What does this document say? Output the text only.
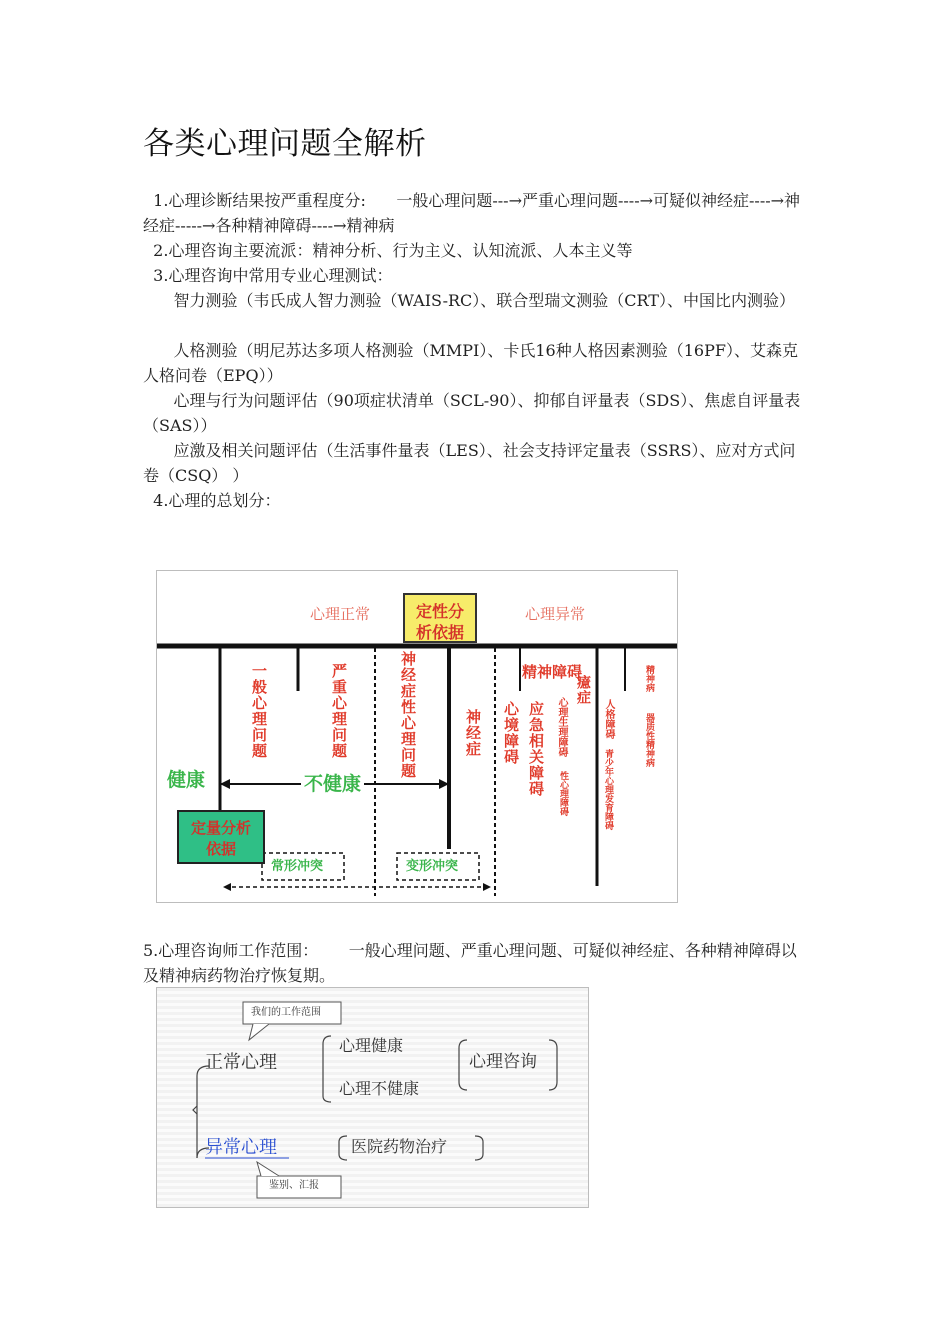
各类心理问题全解析
1.心理诊断结果按严重程度分:      一般心理问题---→严重心理问题----→可疑似神经症----→神经症-----→各种精神障碍----→精神病
2.心理咨询主要流派：精神分析、行为主义、认知流派、人本主义等
3.心理咨询中常用专业心理测试：
智力测验（韦氏成人智力测验（WAIS-RC）、联合型瑞文测验（CRT）、中国比内测验）
人格测验（明尼苏达多项人格测验（MMPI）、卡氏16种人格因素测验（16PF）、艾森克人格问卷（EPQ））
心理与行为问题评估（90项症状清单（SCL-90）、抑郁自评量表（SDS）、焦虑自评量表（SAS））
应激及相关问题评估（生活事件量表（LES）、社会支持评定量表（SSRS）、应对方式问卷（CSQ） ）
4.心理的总划分：
心理正常	心理异常
定性分析依据
一般心理问题	严重心理问题	神经症性心理问题	神经症
精神障碍
心境障碍 应急相关障碍 心理生理障碍
癔症
性心理障碍
人格障碍
青少年心理发育障碍
精神病
器质性精神病
健康	不健康
定量分析依据
常形冲突	变形冲突
5.心理咨询师工作范围：      一般心理问题、严重心理问题、可疑似神经症、各种精神障碍以及精神病药物治疗恢复期。
我们的工作范围
正常心理
心理健康
心理不健康
心理咨询
异常心理	医院药物治疗
鉴别、汇报
